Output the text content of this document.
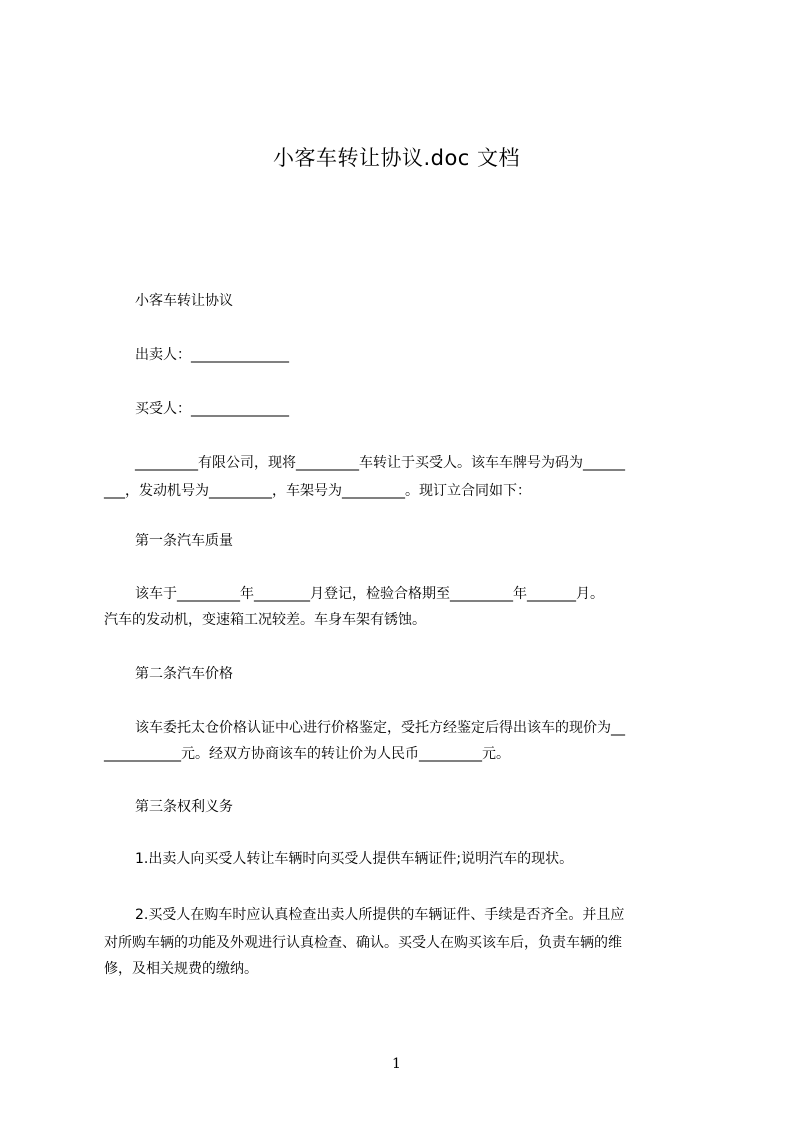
小客车转让协议.doc 文档
小客车转让协议
出卖人：______________
买受人：______________
_________有限公司，现将_________车转让于买受人。该车车牌号为码为______
___，发动机号为_________，车架号为_________。现订立合同如下：
第一条汽车质量
该车于_________年________月登记，检验合格期至_________年_______月。
汽车的发动机，变速箱工况较差。车身车架有锈蚀。
第二条汽车价格
该车委托太仓价格认证中心进行价格鉴定，受托方经鉴定后得出该车的现价为__
___________元。经双方协商该车的转让价为人民币_________元。
第三条权利义务
1.出卖人向买受人转让车辆时向买受人提供车辆证件;说明汽车的现状。
2.买受人在购车时应认真检查出卖人所提供的车辆证件、手续是否齐全。并且应
对所购车辆的功能及外观进行认真检查、确认。买受人在购买该车后，负责车辆的维
修，及相关规费的缴纳。
1
